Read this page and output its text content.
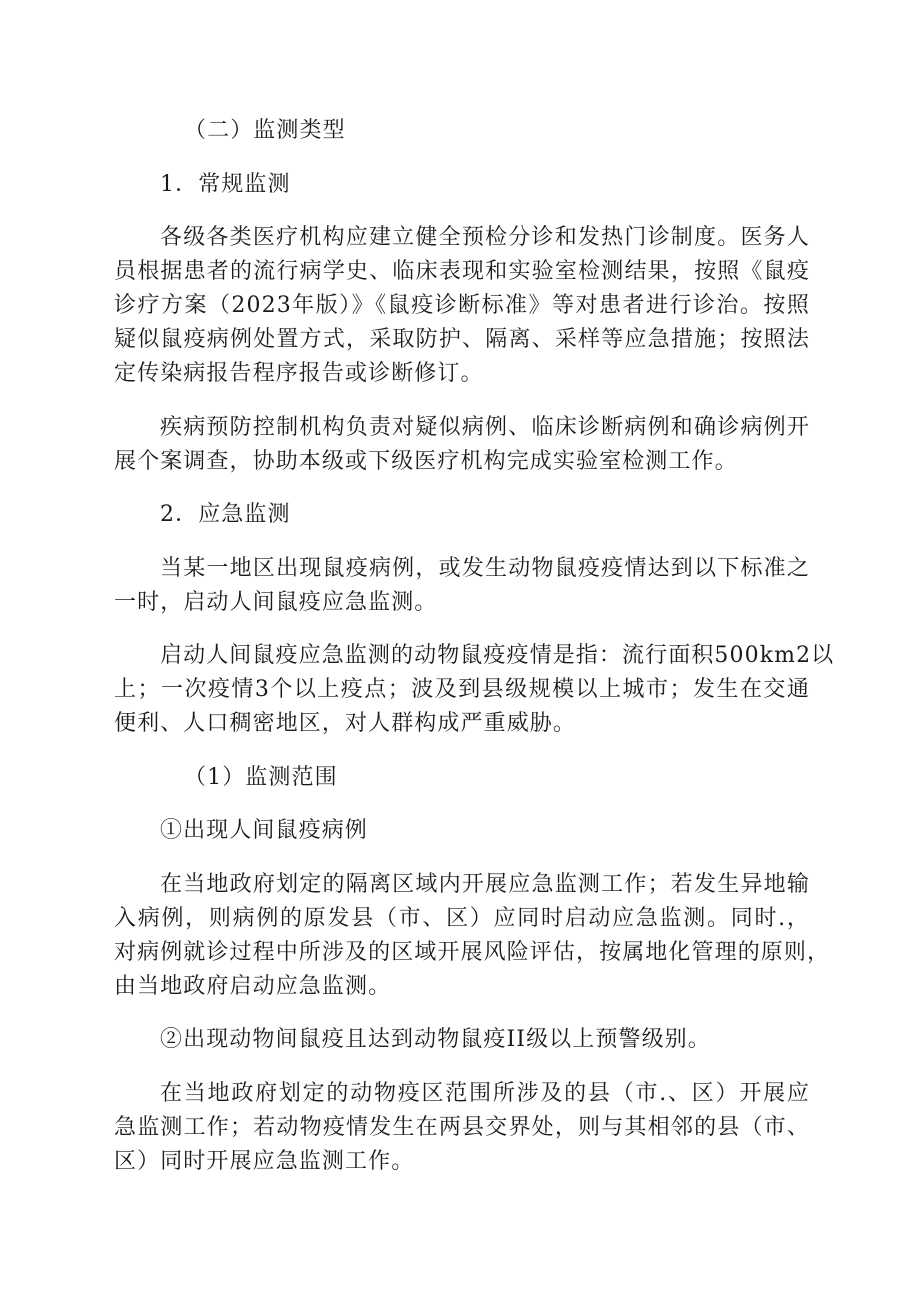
（二）监测类型
1．常规监测
各级各类医疗机构应建立健全预检分诊和发热门诊制度。医务人
员根据患者的流行病学史、临床表现和实验室检测结果，按照《鼠疫
诊疗方案（2023年版）》《鼠疫诊断标准》等对患者进行诊治。按照
疑似鼠疫病例处置方式，采取防护、隔离、采样等应急措施；按照法
定传染病报告程序报告或诊断修订。
疾病预防控制机构负责对疑似病例、临床诊断病例和确诊病例开
展个案调查，协助本级或下级医疗机构完成实验室检测工作。
2．应急监测
当某一地区出现鼠疫病例，或发生动物鼠疫疫情达到以下标准之
一时，启动人间鼠疫应急监测。
启动人间鼠疫应急监测的动物鼠疫疫情是指：流行面积500km2以
上；一次疫情3个以上疫点；波及到县级规模以上城市；发生在交通
便利、人口稠密地区，对人群构成严重威胁。
（1）监测范围
①出现人间鼠疫病例
在当地政府划定的隔离区域内开展应急监测工作；若发生异地输
入病例，则病例的原发县（市、区）应同时启动应急监测。同时.，
对病例就诊过程中所涉及的区域开展风险评估，按属地化管理的原则，
由当地政府启动应急监测。
②出现动物间鼠疫且达到动物鼠疫II级以上预警级别。
在当地政府划定的动物疫区范围所涉及的县（市.、区）开展应
急监测工作；若动物疫情发生在两县交界处，则与其相邻的县（市、
区）同时开展应急监测工作。
